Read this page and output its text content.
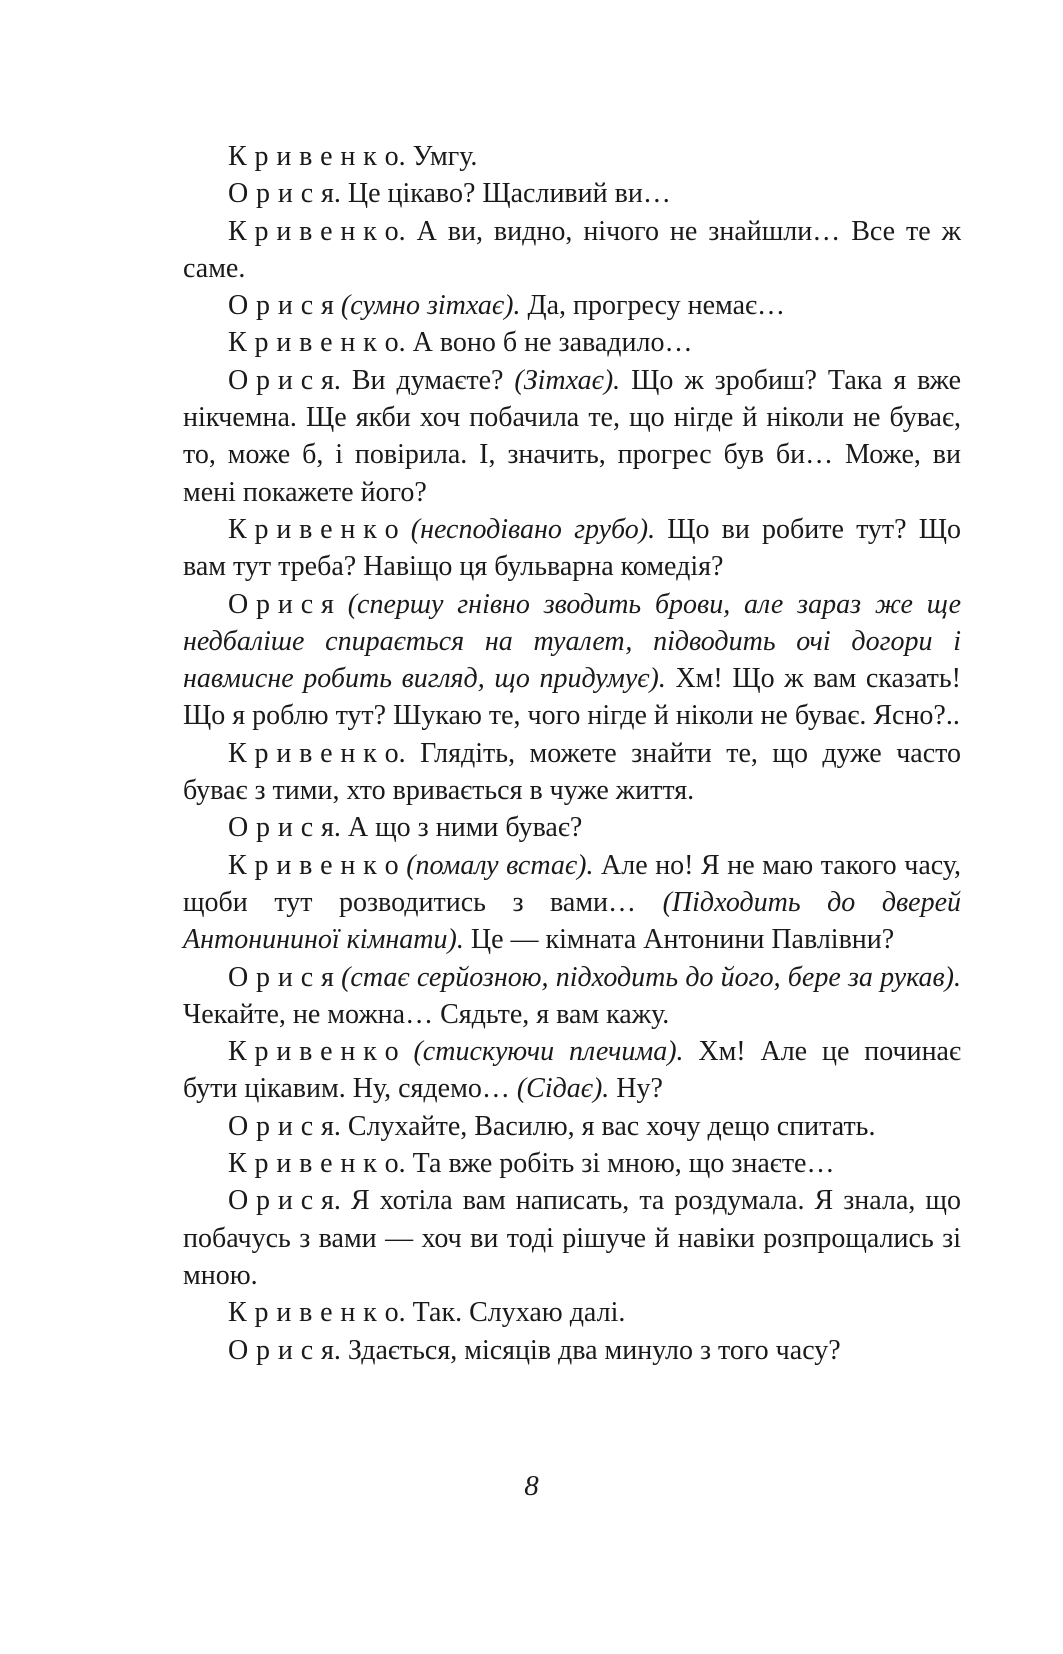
Кривенко. Умгу.

Орися. Це цікаво? Щасливий ви…

Кривенко. А ви, видно, нічого не знайшли… Все те ж саме.

Орися (сумно зітхає). Да, прогресу немає…

Кривенко. А воно б не завадило…

Орися. Ви думаєте? (Зітхає). Що ж зробиш? Така я вже нікчемна. Ще якби хоч побачила те, що нігде й ніколи не буває, то, може б, і повірила. І, значить, прогрес був би… Може, ви мені покажете його?

Кривенко (несподівано грубо). Що ви робите тут? Що вам тут треба? Навіщо ця бульварна комедія?

Орися (спершу гнівно зводить брови, але зараз же ще недбаліше спирається на туалет, підводить очі догори і навмисне робить вигляд, що придумує). Хм! Що ж вам сказать! Що я роблю тут? Шукаю те, чого нігде й ніколи не буває. Ясно?..

Кривенко. Глядіть, можете знайти те, що дуже часто буває з тими, хто вривається в чуже життя.

Орися. А що з ними буває?

Кривенко (помалу встає). Але но! Я не маю такого часу, щоби тут розводитись з вами… (Підходить до дверей Антонининої кімнати). Це — кімната Антонини Павлівни?

Орися (стає серйозною, підходить до його, бере за рукав). Чекайте, не можна… Сядьте, я вам кажу.

Кривенко (стискуючи плечима). Хм! Але це починає бути цікавим. Ну, сядемо… (Сідає). Ну?

Орися. Слухайте, Василю, я вас хочу дещо спитать.

Кривенко. Та вже робіть зі мною, що знаєте…

Орися. Я хотіла вам написать, та роздумала. Я знала, що побачусь з вами — хоч ви тоді рішуче й навіки розпрощались зі мною.

Кривенко. Так. Слухаю далі.

Орися. Здається, місяців два минуло з того часу?

8
